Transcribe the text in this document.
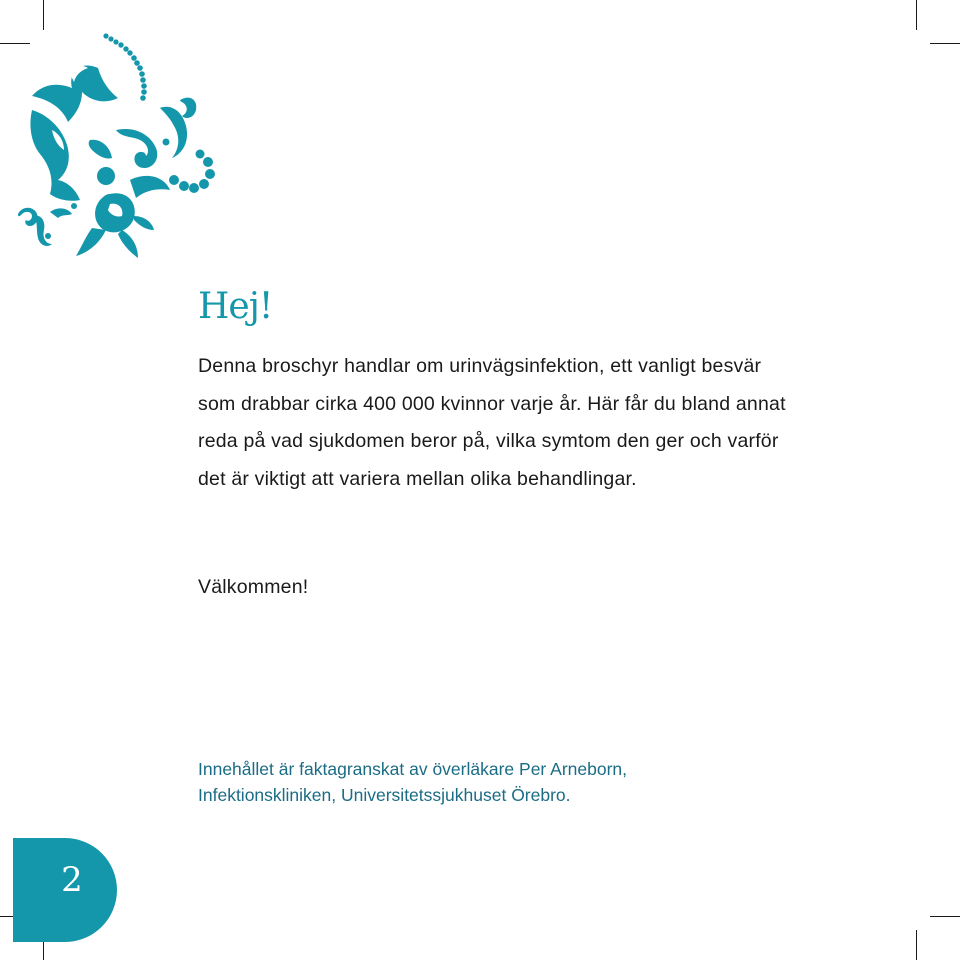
Hej!

Denna broschyr handlar om urinvägsinfektion, ett vanligt besvär som drabbar cirka 400 000 kvinnor varje år. Här får du bland annat reda på vad sjukdomen beror på, vilka symtom den ger och varför det är viktigt att variera mellan olika behandlingar.

Välkommen!

Innehållet är faktagranskat av överläkare Per Arneborn,
Infektionskliniken, Universitetssjukhuset Örebro.
2
